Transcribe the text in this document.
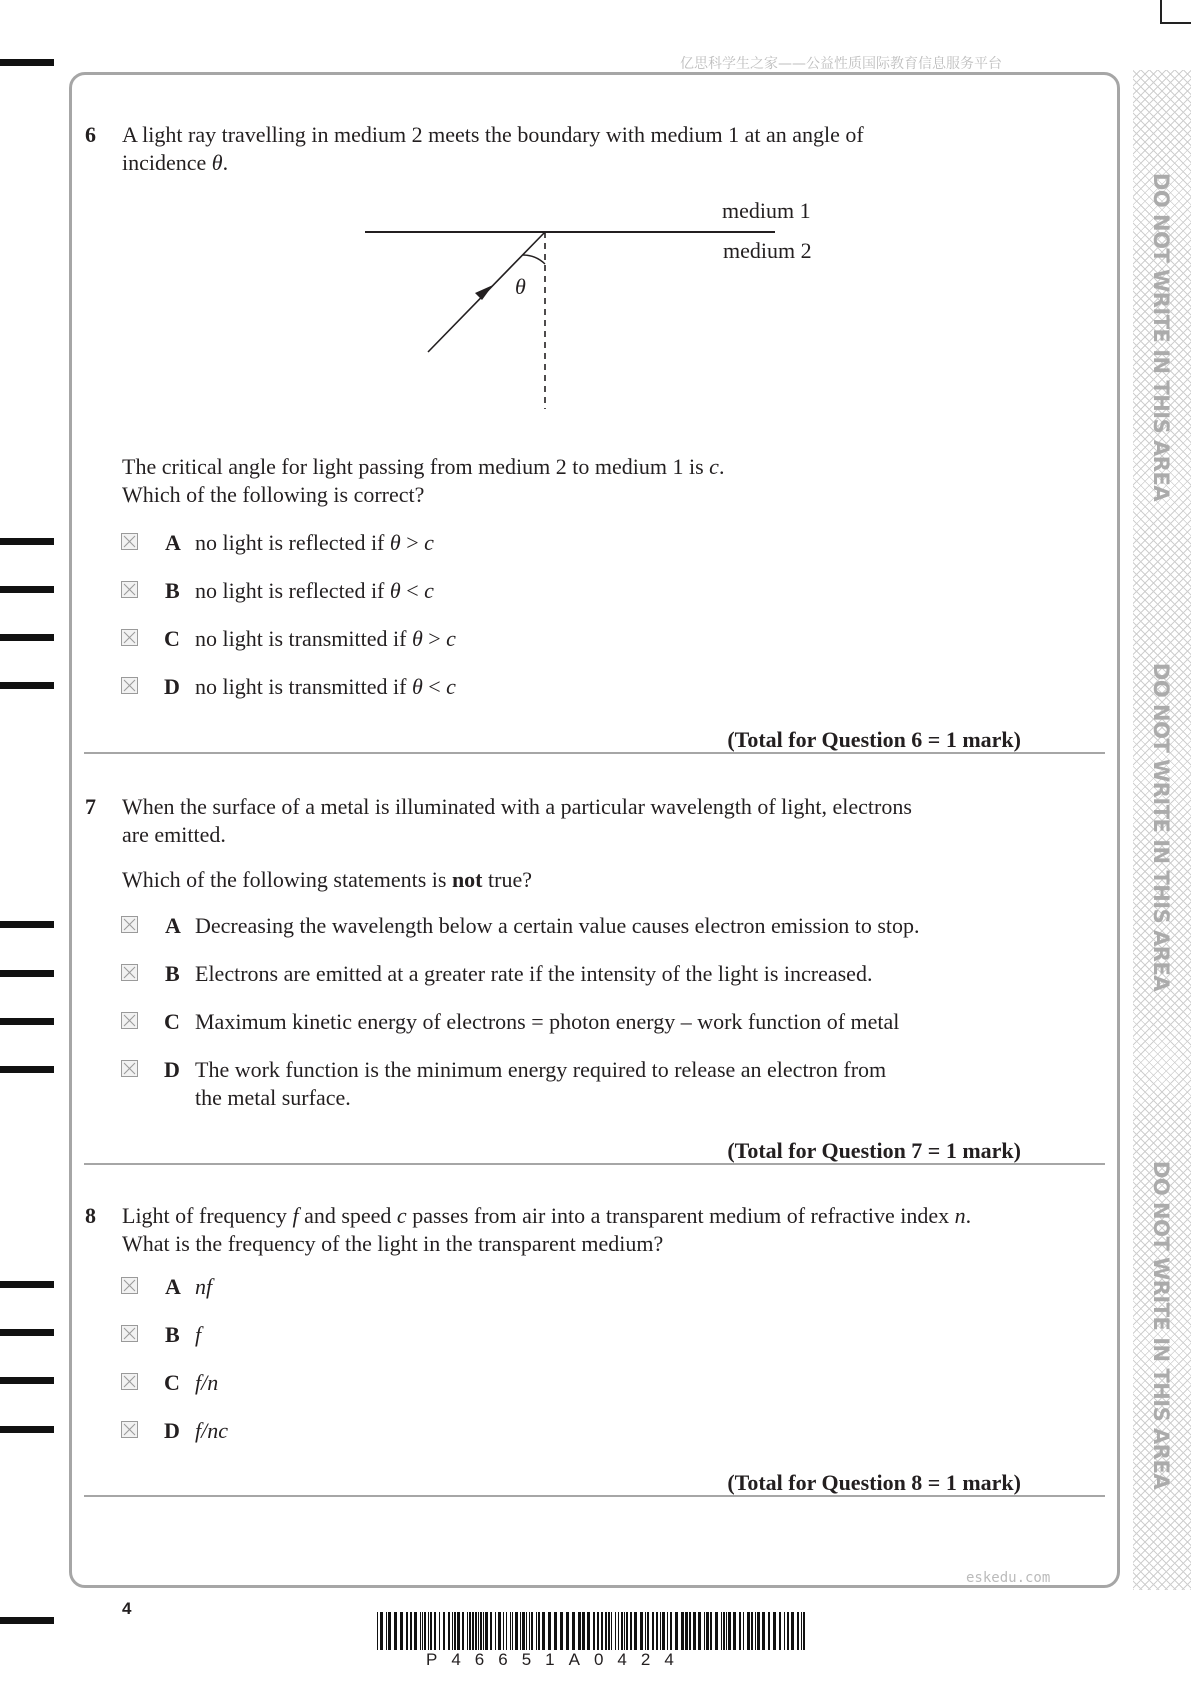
亿思科学生之家——公益性质国际教育信息服务平台
DO NOT WRITE IN THIS AREA
DO NOT WRITE IN THIS AREA
DO NOT WRITE IN THIS AREA
6 A light ray travelling in medium 2 meets the boundary with medium 1 at an angle of
incidence θ.
medium 1
medium 2
θ
The critical angle for light passing from medium 2 to medium 1 is c.
Which of the following is correct?
A no light is reflected if θ > c
B no light is reflected if θ < c
C no light is transmitted if θ > c
D no light is transmitted if θ < c
(Total for Question 6 = 1 mark)
7 When the surface of a metal is illuminated with a particular wavelength of light, electrons
are emitted.
Which of the following statements is not true?
A Decreasing the wavelength below a certain value causes electron emission to stop.
B Electrons are emitted at a greater rate if the intensity of the light is increased.
C Maximum kinetic energy of electrons = photon energy – work function of metal
D The work function is the minimum energy required to release an electron from
the metal surface.
(Total for Question 7 = 1 mark)
8 Light of frequency f and speed c passes from air into a transparent medium of refractive index n.
What is the frequency of the light in the transparent medium?
A nf
B f
C f/n
D f/nc
(Total for Question 8 = 1 mark)
eskedu.com
4
P46651A0424
